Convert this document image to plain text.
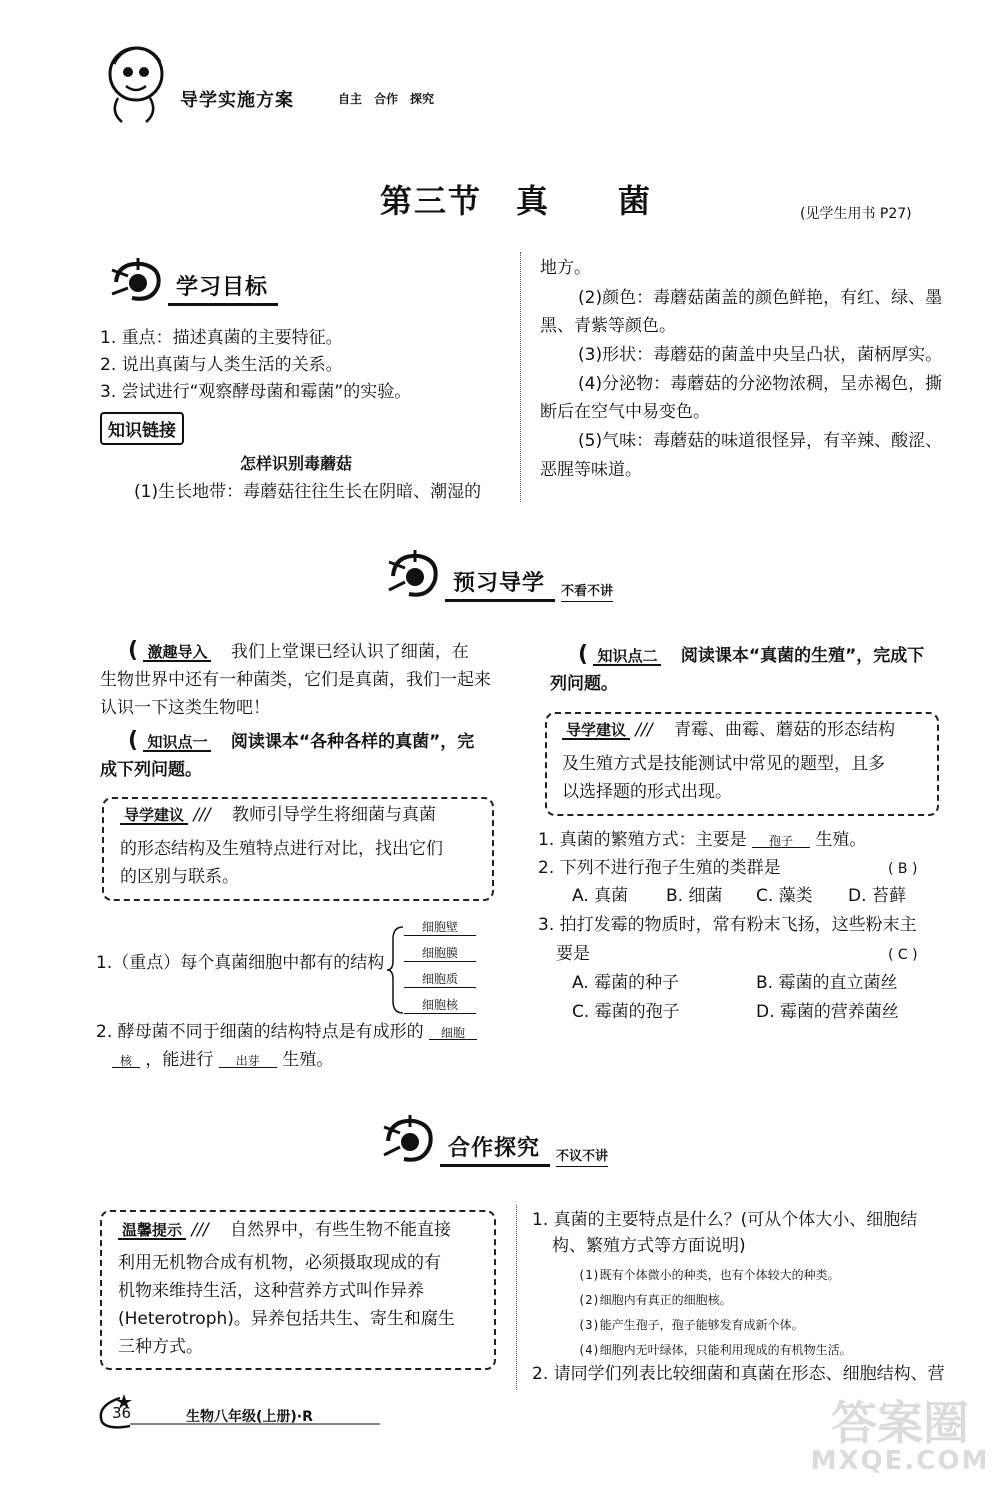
导学实施方案	自主　合作　探究
第三节　真　　菌	(见学生用书 P27)
学习目标
1. 重点：描述真菌的主要特征。
2. 说出真菌与人类生活的关系。
3. 尝试进行“观察酵母菌和霉菌”的实验。
知识链接
怎样识别毒蘑菇
(1)生长地带：毒蘑菇往往生长在阴暗、潮湿的
地方。
(2)颜色：毒蘑菇菌盖的颜色鲜艳，有红、绿、墨
黑、青紫等颜色。
(3)形状：毒蘑菇的菌盖中央呈凸状，菌柄厚实。
(4)分泌物：毒蘑菇的分泌物浓稠，呈赤褐色，撕
断后在空气中易变色。
(5)气味：毒蘑菇的味道很怪异，有辛辣、酸涩、
恶腥等味道。
预习导学	不看不讲
( 激趣导入 我们上堂课已经认识了细菌，在
生物世界中还有一种菌类，它们是真菌，我们一起来
认识一下这类生物吧！
( 知识点一 阅读课本“各种各样的真菌”，完
成下列问题。
导学建议 /// 教师引导学生将细菌与真菌
的形态结构及生殖特点进行对比，找出它们
的区别与联系。
1.（重点）每个真菌细胞中都有的结构
细胞壁
细胞膜
细胞质
细胞核
2. 酵母菌不同于细菌的结构特点是有成形的 细胞
核 ，能进行 出芽 生殖。
( 知识点二 阅读课本“真菌的生殖”，完成下
列问题。
导学建议 /// 青霉、曲霉、蘑菇的形态结构
及生殖方式是技能测试中常见的题型，且多
以选择题的形式出现。
1. 真菌的繁殖方式：主要是 孢子 生殖。
2. 下列不进行孢子生殖的类群是	( B )
A. 真菌 B. 细菌 C. 藻类 D. 苔藓
3. 拍打发霉的物质时，常有粉末飞扬，这些粉末主
要是	( C )
A. 霉菌的种子	B. 霉菌的直立菌丝
C. 霉菌的孢子	D. 霉菌的营养菌丝
合作探究	不议不讲
温馨提示 /// 自然界中，有些生物不能直接
利用无机物合成有机物，必须摄取现成的有
机物来维持生活，这种营养方式叫作异养
(Heterotroph)。异养包括共生、寄生和腐生
三种方式。
1. 真菌的主要特点是什么？(可从个体大小、细胞结
构、繁殖方式等方面说明)
(1)既有个体微小的种类，也有个体较大的种类。
(2)细胞内有真正的细胞核。
(3)能产生孢子，孢子能够发育成新个体。
(4)细胞内无叶绿体，只能利用现成的有机物生活。
2. 请同学们列表比较细菌和真菌在形态、细胞结构、营
36	生物八年级(上册)·R	答案圈
MXQE.COM
